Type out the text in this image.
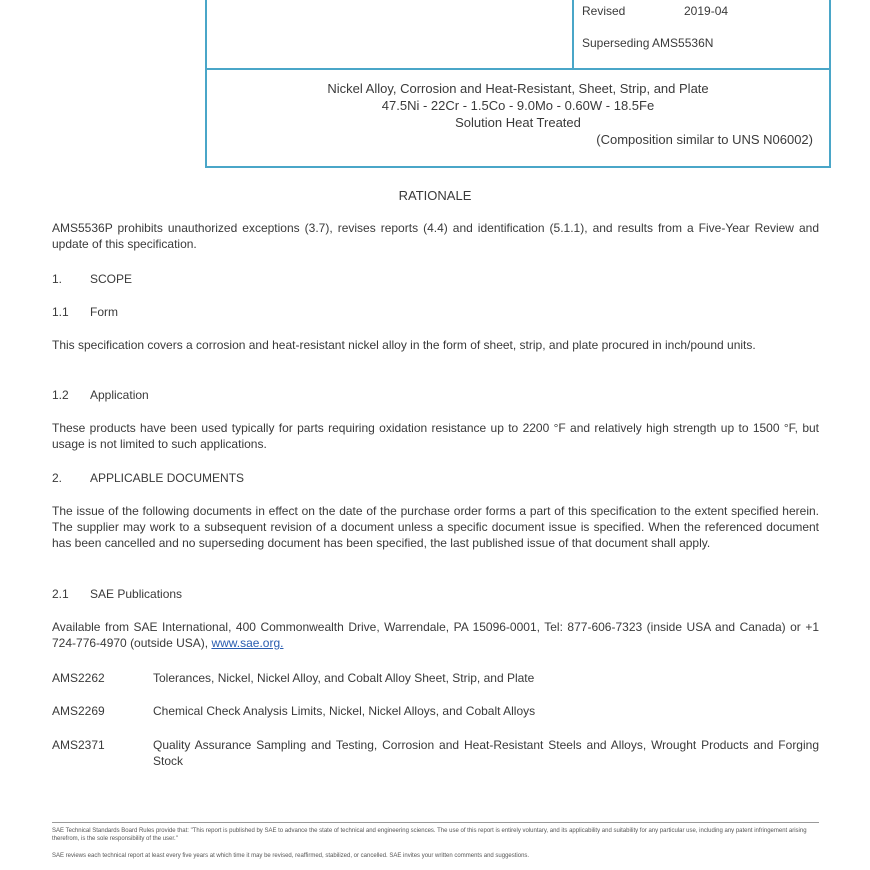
Revised	2019-04
Superseding AMS5536N
Nickel Alloy, Corrosion and Heat-Resistant, Sheet, Strip, and Plate
47.5Ni - 22Cr - 1.5Co - 9.0Mo - 0.60W - 18.5Fe
Solution Heat Treated
(Composition similar to UNS N06002)
RATIONALE
AMS5536P prohibits unauthorized exceptions (3.7), revises reports (4.4) and identification (5.1.1), and results from a Five-Year Review and update of this specification.
1. SCOPE
1.1 Form
This specification covers a corrosion and heat-resistant nickel alloy in the form of sheet, strip, and plate procured in inch/pound units.
1.2 Application
These products have been used typically for parts requiring oxidation resistance up to 2200 °F and relatively high strength up to 1500 °F, but usage is not limited to such applications.
2. APPLICABLE DOCUMENTS
The issue of the following documents in effect on the date of the purchase order forms a part of this specification to the extent specified herein. The supplier may work to a subsequent revision of a document unless a specific document issue is specified. When the referenced document has been cancelled and no superseding document has been specified, the last published issue of that document shall apply.
2.1 SAE Publications
Available from SAE International, 400 Commonwealth Drive, Warrendale, PA 15096-0001, Tel: 877-606-7323 (inside USA and Canada) or +1 724-776-4970 (outside USA), www.sae.org.
AMS2262	Tolerances, Nickel, Nickel Alloy, and Cobalt Alloy Sheet, Strip, and Plate
AMS2269	Chemical Check Analysis Limits, Nickel, Nickel Alloys, and Cobalt Alloys
AMS2371	Quality Assurance Sampling and Testing, Corrosion and Heat-Resistant Steels and Alloys, Wrought Products and Forging Stock
SAE Technical Standards Board Rules provide that: "This report is published by SAE to advance the state of technical and engineering sciences. The use of this report is entirely voluntary, and its applicability and suitability for any particular use, including any patent infringement arising therefrom, is the sole responsibility of the user."
SAE reviews each technical report at least every five years at which time it may be revised, reaffirmed, stabilized, or cancelled. SAE invites your written comments and suggestions.
